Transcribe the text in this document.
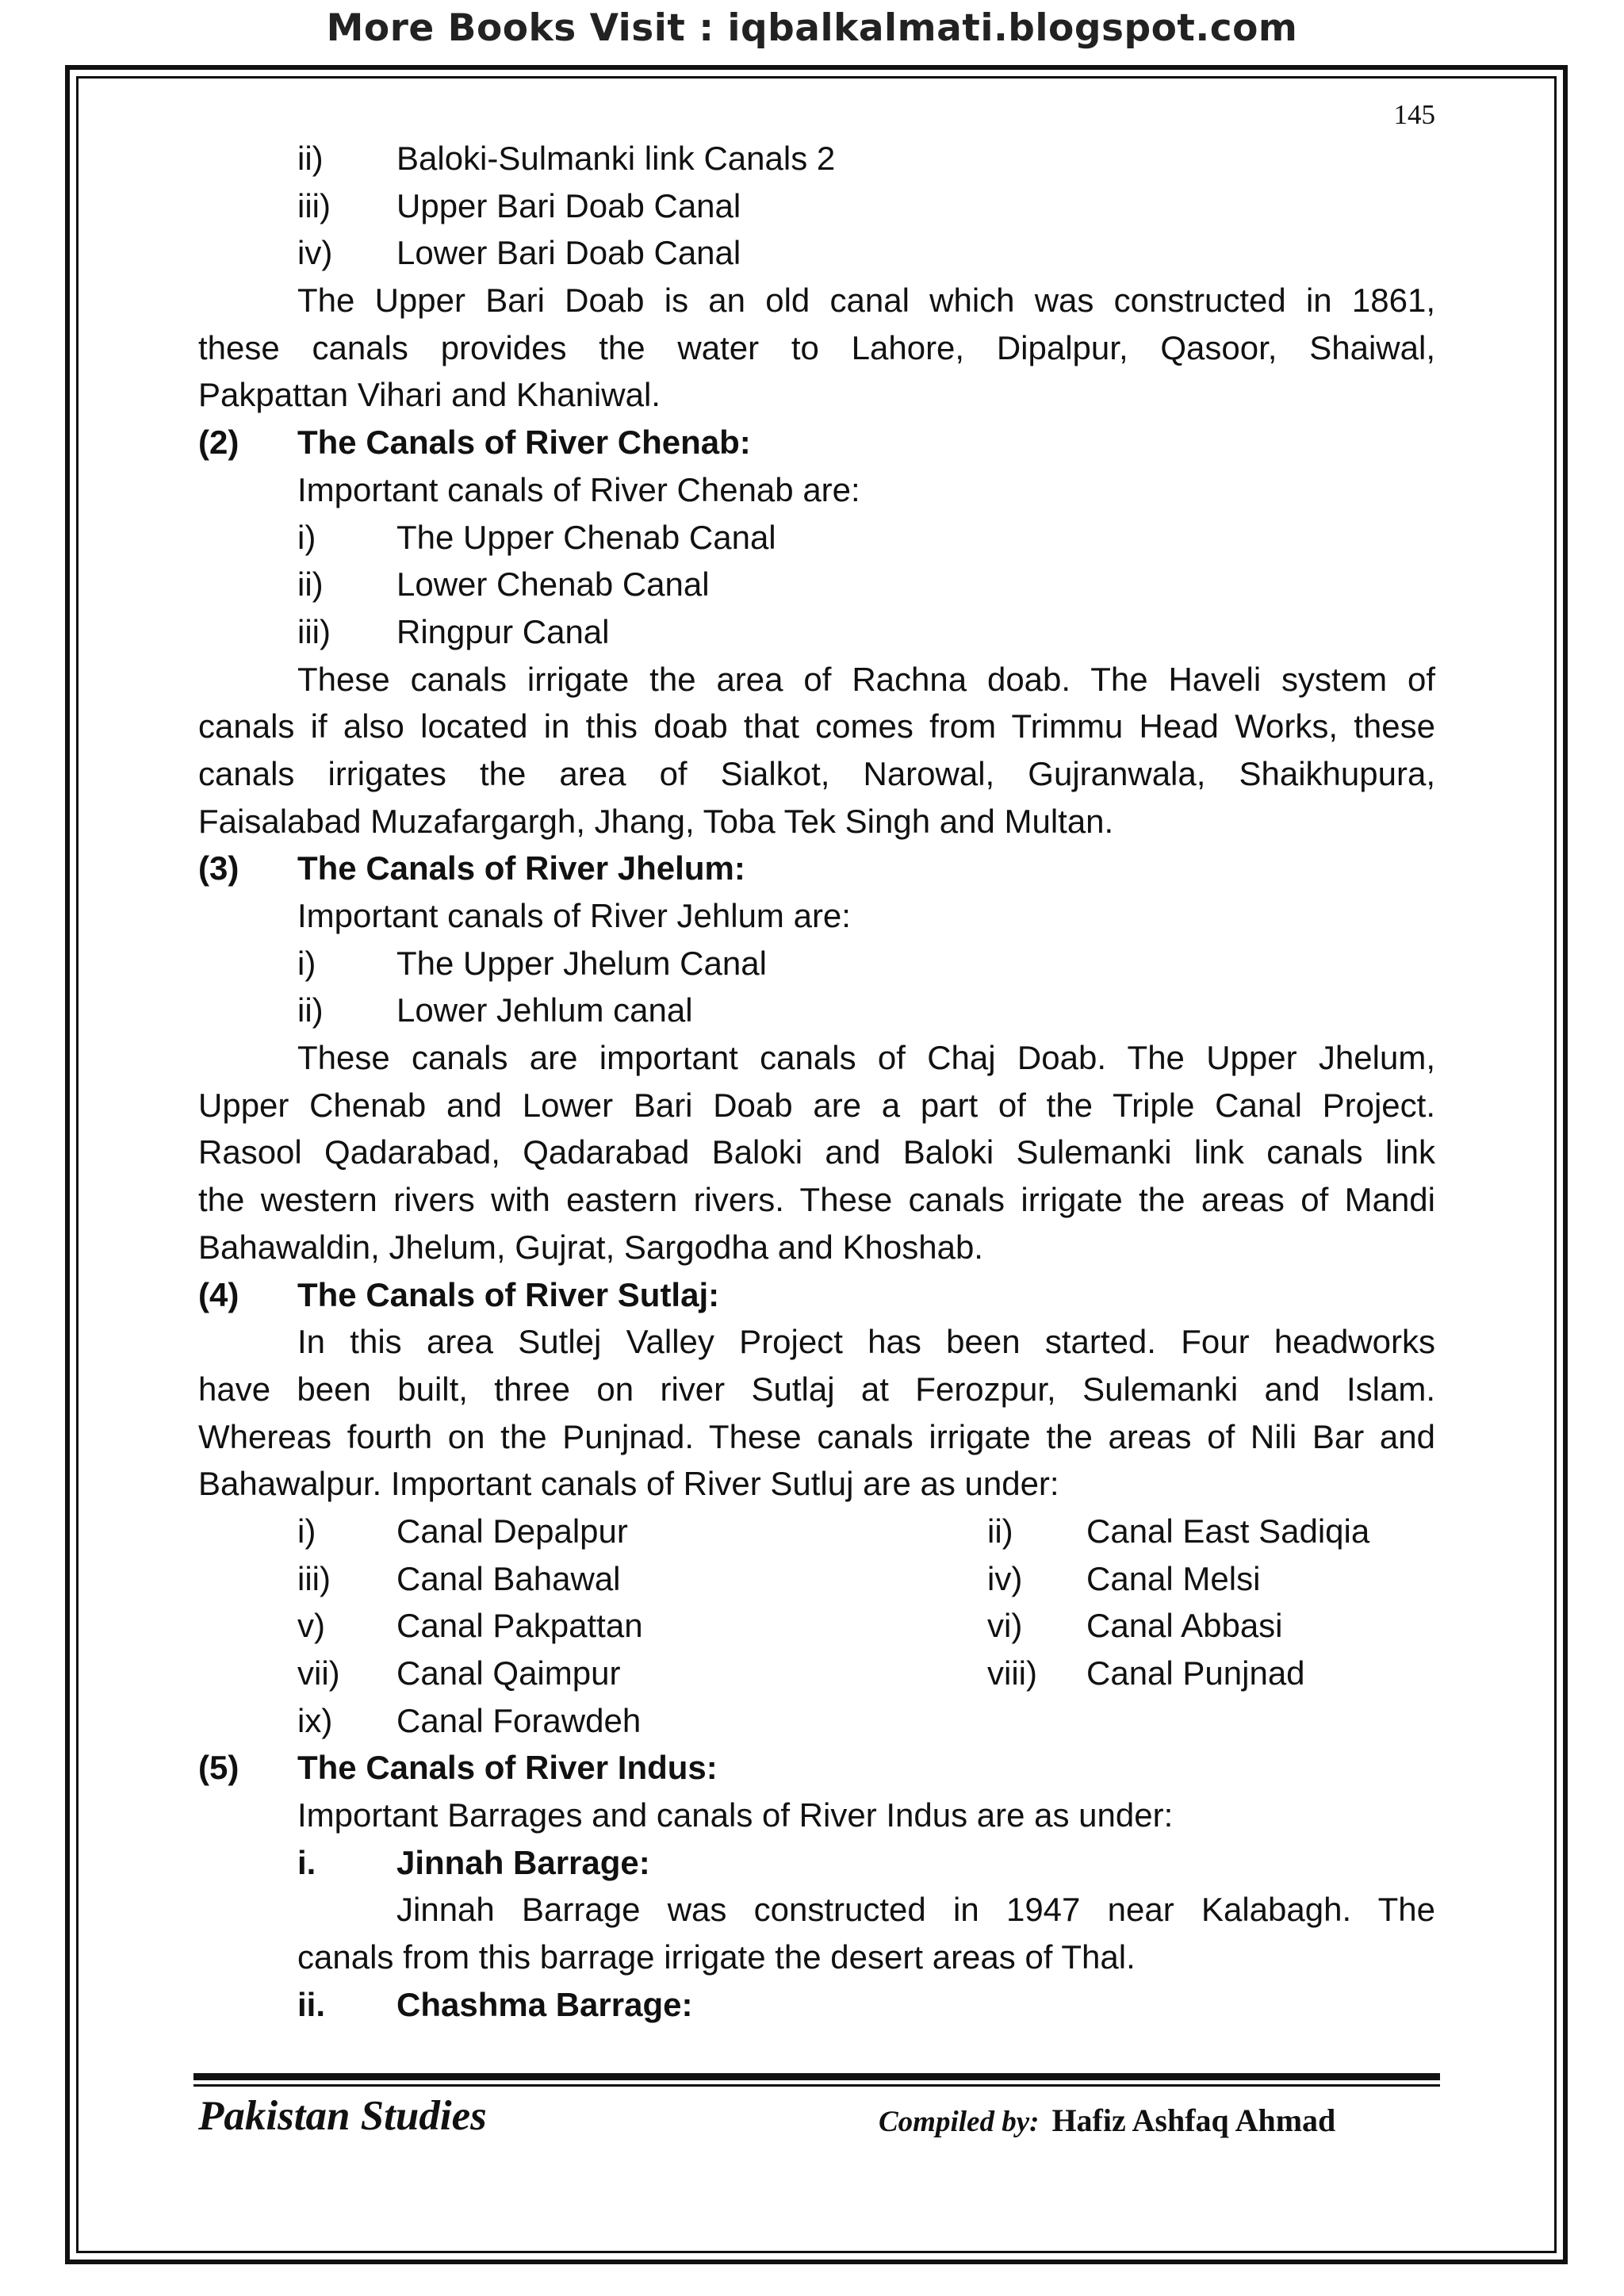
More Books Visit : iqbalkalmati.blogspot.com
145
ii) Baloki-Sulmanki link Canals 2
iii) Upper Bari Doab Canal
iv) Lower Bari Doab Canal
The Upper Bari Doab is an old canal which was constructed in 1861,
these canals provides the water to Lahore, Dipalpur, Qasoor, Shaiwal,
Pakpattan Vihari and Khaniwal.
(2) The Canals of River Chenab:
Important canals of River Chenab are:
i) The Upper Chenab Canal
ii) Lower Chenab Canal
iii) Ringpur Canal
These canals irrigate the area of Rachna doab. The Haveli system of
canals if also located in this doab that comes from Trimmu Head Works, these
canals irrigates the area of Sialkot, Narowal, Gujranwala, Shaikhupura,
Faisalabad Muzafargargh, Jhang, Toba Tek Singh and Multan.
(3) The Canals of River Jhelum:
Important canals of River Jehlum are:
i) The Upper Jhelum Canal
ii) Lower Jehlum canal
These canals are important canals of Chaj Doab. The Upper Jhelum,
Upper Chenab and Lower Bari Doab are a part of the Triple Canal Project.
Rasool Qadarabad, Qadarabad Baloki and Baloki Sulemanki link canals link
the western rivers with eastern rivers. These canals irrigate the areas of Mandi
Bahawaldin, Jhelum, Gujrat, Sargodha and Khoshab.
(4) The Canals of River Sutlaj:
In this area Sutlej Valley Project has been started. Four headworks
have been built, three on river Sutlaj at Ferozpur, Sulemanki and Islam.
Whereas fourth on the Punjnad. These canals irrigate the areas of Nili Bar and
Bahawalpur. Important canals of River Sutluj are as under:
i) Canal Depalpur	ii) Canal East Sadiqia
iii) Canal Bahawal	iv) Canal Melsi
v) Canal Pakpattan	vi) Canal Abbasi
vii) Canal Qaimpur	viii) Canal Punjnad
ix) Canal Forawdeh
(5) The Canals of River Indus:
Important Barrages and canals of River Indus are as under:
i. Jinnah Barrage:
Jinnah Barrage was constructed in 1947 near Kalabagh. The
canals from this barrage irrigate the desert areas of Thal.
ii. Chashma Barrage:
Pakistan Studies	Compiled by: Hafiz Ashfaq Ahmad
